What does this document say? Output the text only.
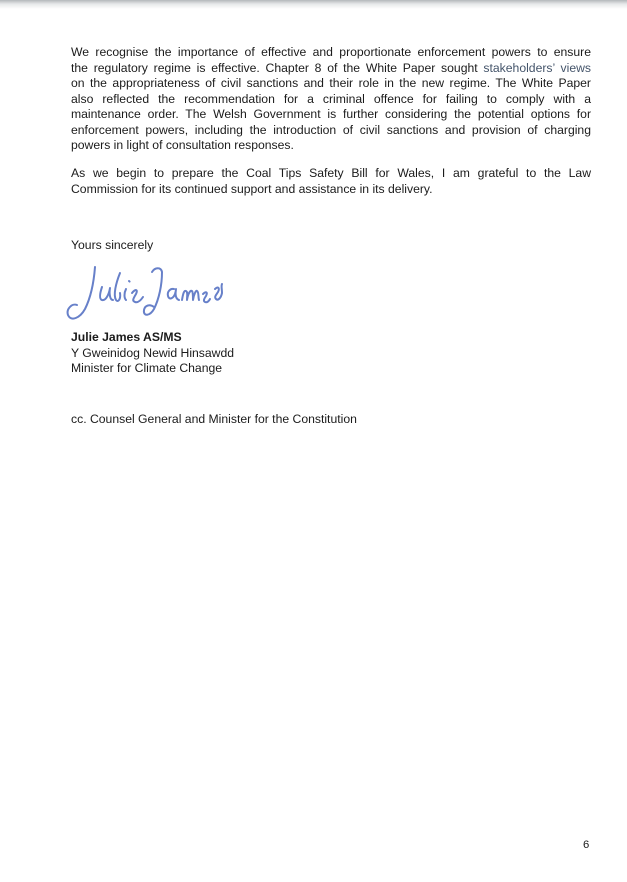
We recognise the importance of effective and proportionate enforcement powers to ensure
the regulatory regime is effective. Chapter 8 of the White Paper sought stakeholders’ views
on the appropriateness of civil sanctions and their role in the new regime. The White Paper
also reflected the recommendation for a criminal offence for failing to comply with a
maintenance order. The Welsh Government is further considering the potential options for
enforcement powers, including the introduction of civil sanctions and provision of charging
powers in light of consultation responses.
As we begin to prepare the Coal Tips Safety Bill for Wales, I am grateful to the Law
Commission for its continued support and assistance in its delivery.
Yours sincerely
Julie James AS/MS
Y Gweinidog Newid Hinsawdd
Minister for Climate Change
cc. Counsel General and Minister for the Constitution
6
